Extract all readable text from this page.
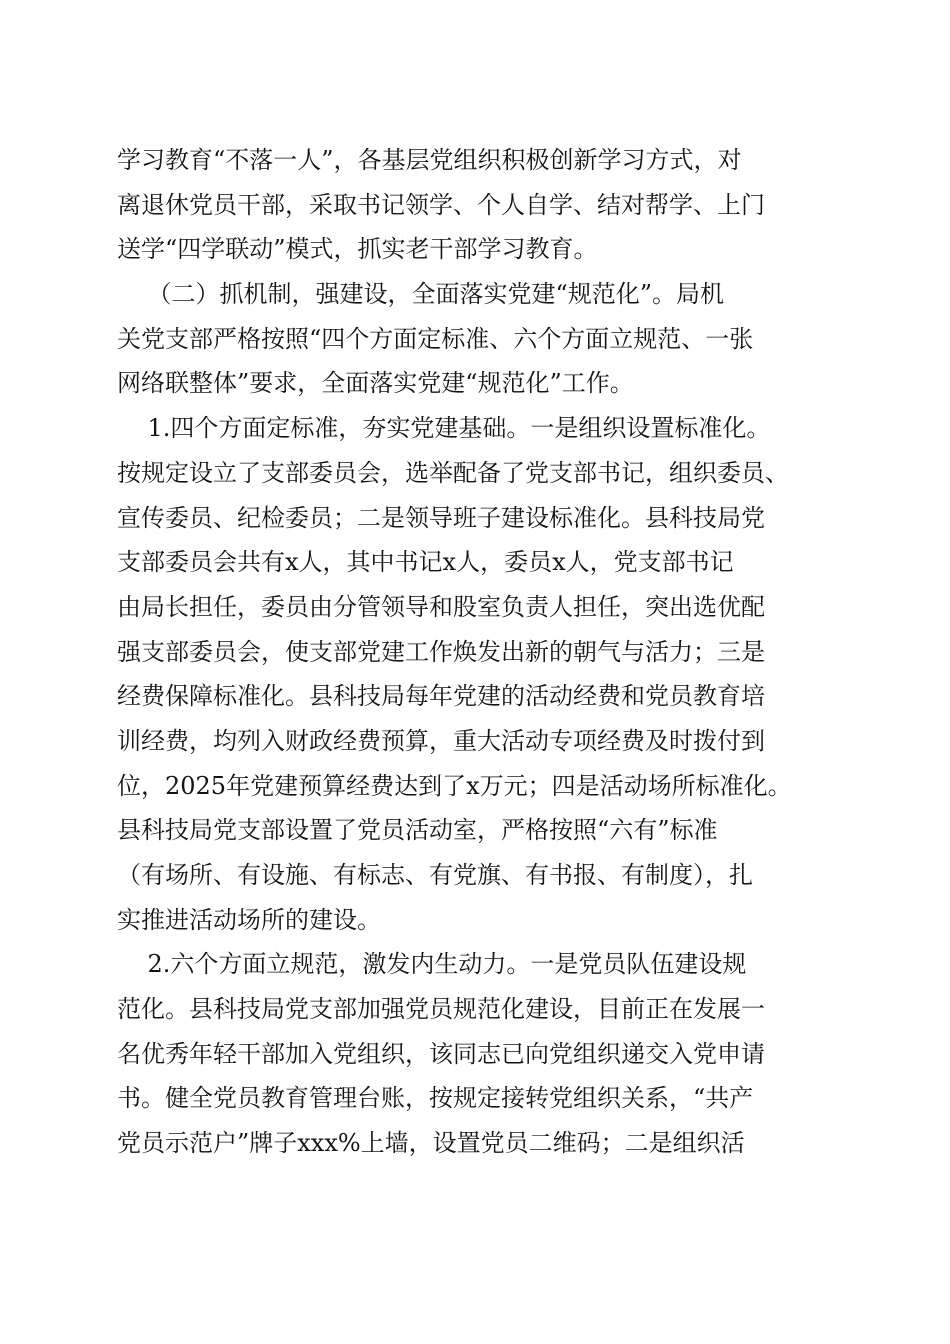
学习教育“不落一人”，各基层党组织积极创新学习方式，对
离退休党员干部，采取书记领学、个人自学、结对帮学、上门
送学“四学联动”模式，抓实老干部学习教育。
（二）抓机制，强建设，全面落实党建“规范化”。局机
关党支部严格按照“四个方面定标准、六个方面立规范、一张
网络联整体”要求，全面落实党建“规范化”工作。
1.四个方面定标准，夯实党建基础。一是组织设置标准化。
按规定设立了支部委员会，选举配备了党支部书记，组织委员、
宣传委员、纪检委员；二是领导班子建设标准化。县科技局党
支部委员会共有x人，其中书记x人，委员x人，党支部书记
由局长担任，委员由分管领导和股室负责人担任，突出选优配
强支部委员会，使支部党建工作焕发出新的朝气与活力；三是
经费保障标准化。县科技局每年党建的活动经费和党员教育培
训经费，均列入财政经费预算，重大活动专项经费及时拨付到
位，2025年党建预算经费达到了x万元；四是活动场所标准化。
县科技局党支部设置了党员活动室，严格按照“六有”标准
（有场所、有设施、有标志、有党旗、有书报、有制度），扎
实推进活动场所的建设。
2.六个方面立规范，激发内生动力。一是党员队伍建设规
范化。县科技局党支部加强党员规范化建设，目前正在发展一
名优秀年轻干部加入党组织，该同志已向党组织递交入党申请
书。健全党员教育管理台账，按规定接转党组织关系，“共产
党员示范户”牌子xxx%上墙，设置党员二维码；二是组织活
